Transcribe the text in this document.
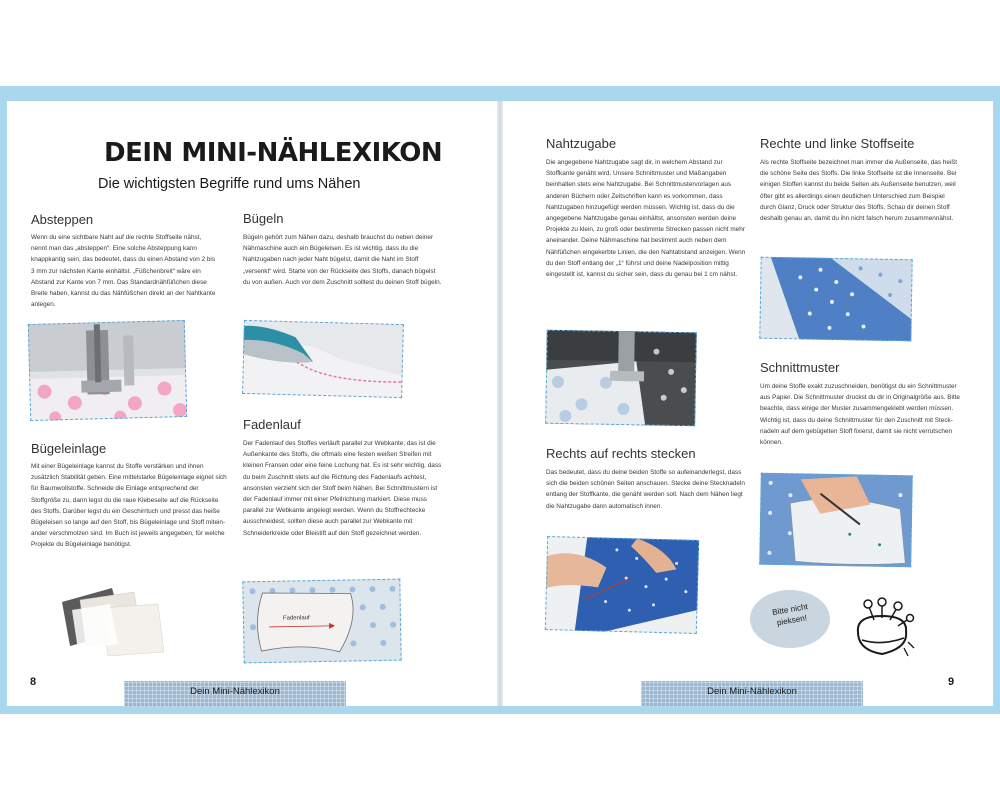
DEIN MINI-NÄHLEXIKON
Die wichtigsten Begriffe rund ums Nähen
Absteppen
Wenn du eine sichtbare Naht auf die rechte Stoffseite nähst, nennt man das „absteppen“. Eine solche Absteppung kann knappkantig sein, das bedeutet, dass du einen Abstand von 2 bis 3 mm zur nächsten Kante einhältst. „Füßchenbreit“ wäre ein Abstand zur Kante von 7 mm. Das Standardnähfüßchen diese Breite haben, kannst du das Nähfüßchen direkt an der Nahtkante anlegen.
Bügeleinlage
Mit einer Bügeleinlage kannst du Stoffe verstärken und ihnen zusätzlich Stabilität geben. Eine mittelstarke Bügeleinlage eignet sich für Baumwollstoffe. Schneide die Einlage entsprechend der Stoffgröße zu, dann legst du die raue Klebeseite auf die Rückseite des Stoffs. Darüber legst du ein Geschirrtuch und presst das heiße Bügeleisen so lange auf den Stoff, bis Bügeleinlage und Stoff miteinander verschmolzen sind. Im Buch ist jeweils angegeben, für welche Projekte du Bügeleinlage benötigst.
Bügeln
Bügeln gehört zum Nähen dazu, deshalb brauchst du neben deiner Nähmaschine auch ein Bügeleisen. Es ist wichtig, dass du die Nahtzugaben nach jeder Naht bügelst, damit die Naht im Stoff „versenkt“ wird. Starte von der Rückseite des Stoffs, danach bügelst du von außen. Auch vor dem Zuschnitt solltest du deinen Stoff bügeln.
Fadenlauf
Der Fadenlauf des Stoffes verläuft parallel zur Webkante; das ist die Außenkante des Stoffs, die oftmals eine festen weißen Streifen mit kleinen Fransen oder eine feine Lochung hat. Es ist sehr wichtig, dass du beim Zuschnitt stets auf die Richtung des Fadenlaufs achtest, ansonsten verzieht sich der Stoff beim Nähen. Bei Schnittmustern ist der Fadenlauf immer mit einer Pfeilrichtung markiert. Diese muss parallel zur Webkante angelegt werden. Wenn du Stoffrechtecke ausschneidest, sollten diese auch parallel zur Webkante mit Schneiderkreide oder Bleistift auf den Stoff gezeichnet werden.
Fadenlauf
Nahtzugabe
Die angegebene Nahtzugabe sagt dir, in welchem Abstand zur Stoffkante genäht wird. Unsere Schnittmuster und Maßangaben beinhalten stets eine Nahtzugabe. Bei Schnittmustervorlagen aus anderen Büchern oder Zeitschriften kann es vorkommen, dass Nahtzugaben hinzugefügt werden müssen. Wichtig ist, dass du die angegebene Nahtzugabe genau einhältst, ansonsten werden deine Projekte zu klein, zu groß oder bestimmte Strecken passen nicht mehr aneinander. Deine Nähmaschine hat bestimmt auch neben dem Nähfüßchen eingekerbte Linien, die den Nahtabstand anzeigen. Wenn du den Stoff entlang der „1“ führst und deine Nadelposition mittig eingestellt ist, kannst du sicher sein, dass du genau bei 1 cm nähst.
Rechts auf rechts stecken
Das bedeutet, dass du deine beiden Stoffe so aufeinanderlegst, dass sich die beiden schönen Seiten anschauen. Stecke deine Stecknadeln entlang der Stoffkante, die genäht werden soll. Nach dem Nähen liegt die Nahtzugabe dann automatisch innen.
Rechte und linke Stoffseite
Als rechte Stoffseite bezeichnet man immer die Außenseite, das heißt die schöne Seite des Stoffs. Die linke Stoffseite ist die Innenseite. Bei einigen Stoffen kannst du beide Seiten als Außenseite benutzen, weil öfter gibt es allerdings einen deutlichen Unterschied zum Beispiel durch Glanz, Druck oder Struktur des Stoffs. Schau dir deinen Stoff deshalb genau an, damit du ihn nicht falsch herum zusammennähst.
Schnittmuster
Um deine Stoffe exakt zuzuschneiden, benötigst du ein Schnittmuster aus Papier. Die Schnittmuster druckst du dir in Originalgröße aus. Bitte beachte, dass einige der Muster zusammengeklebt werden müssen. Wichtig ist, dass du deine Schnittmuster für den Zuschnitt mit Stecknadeln auf dem gebügelten Stoff fixierst, damit sie nicht verrutschen können.
Bitte nicht pieksen!
8	9
Dein Mini-Nählexikon	Dein Mini-Nählexikon
